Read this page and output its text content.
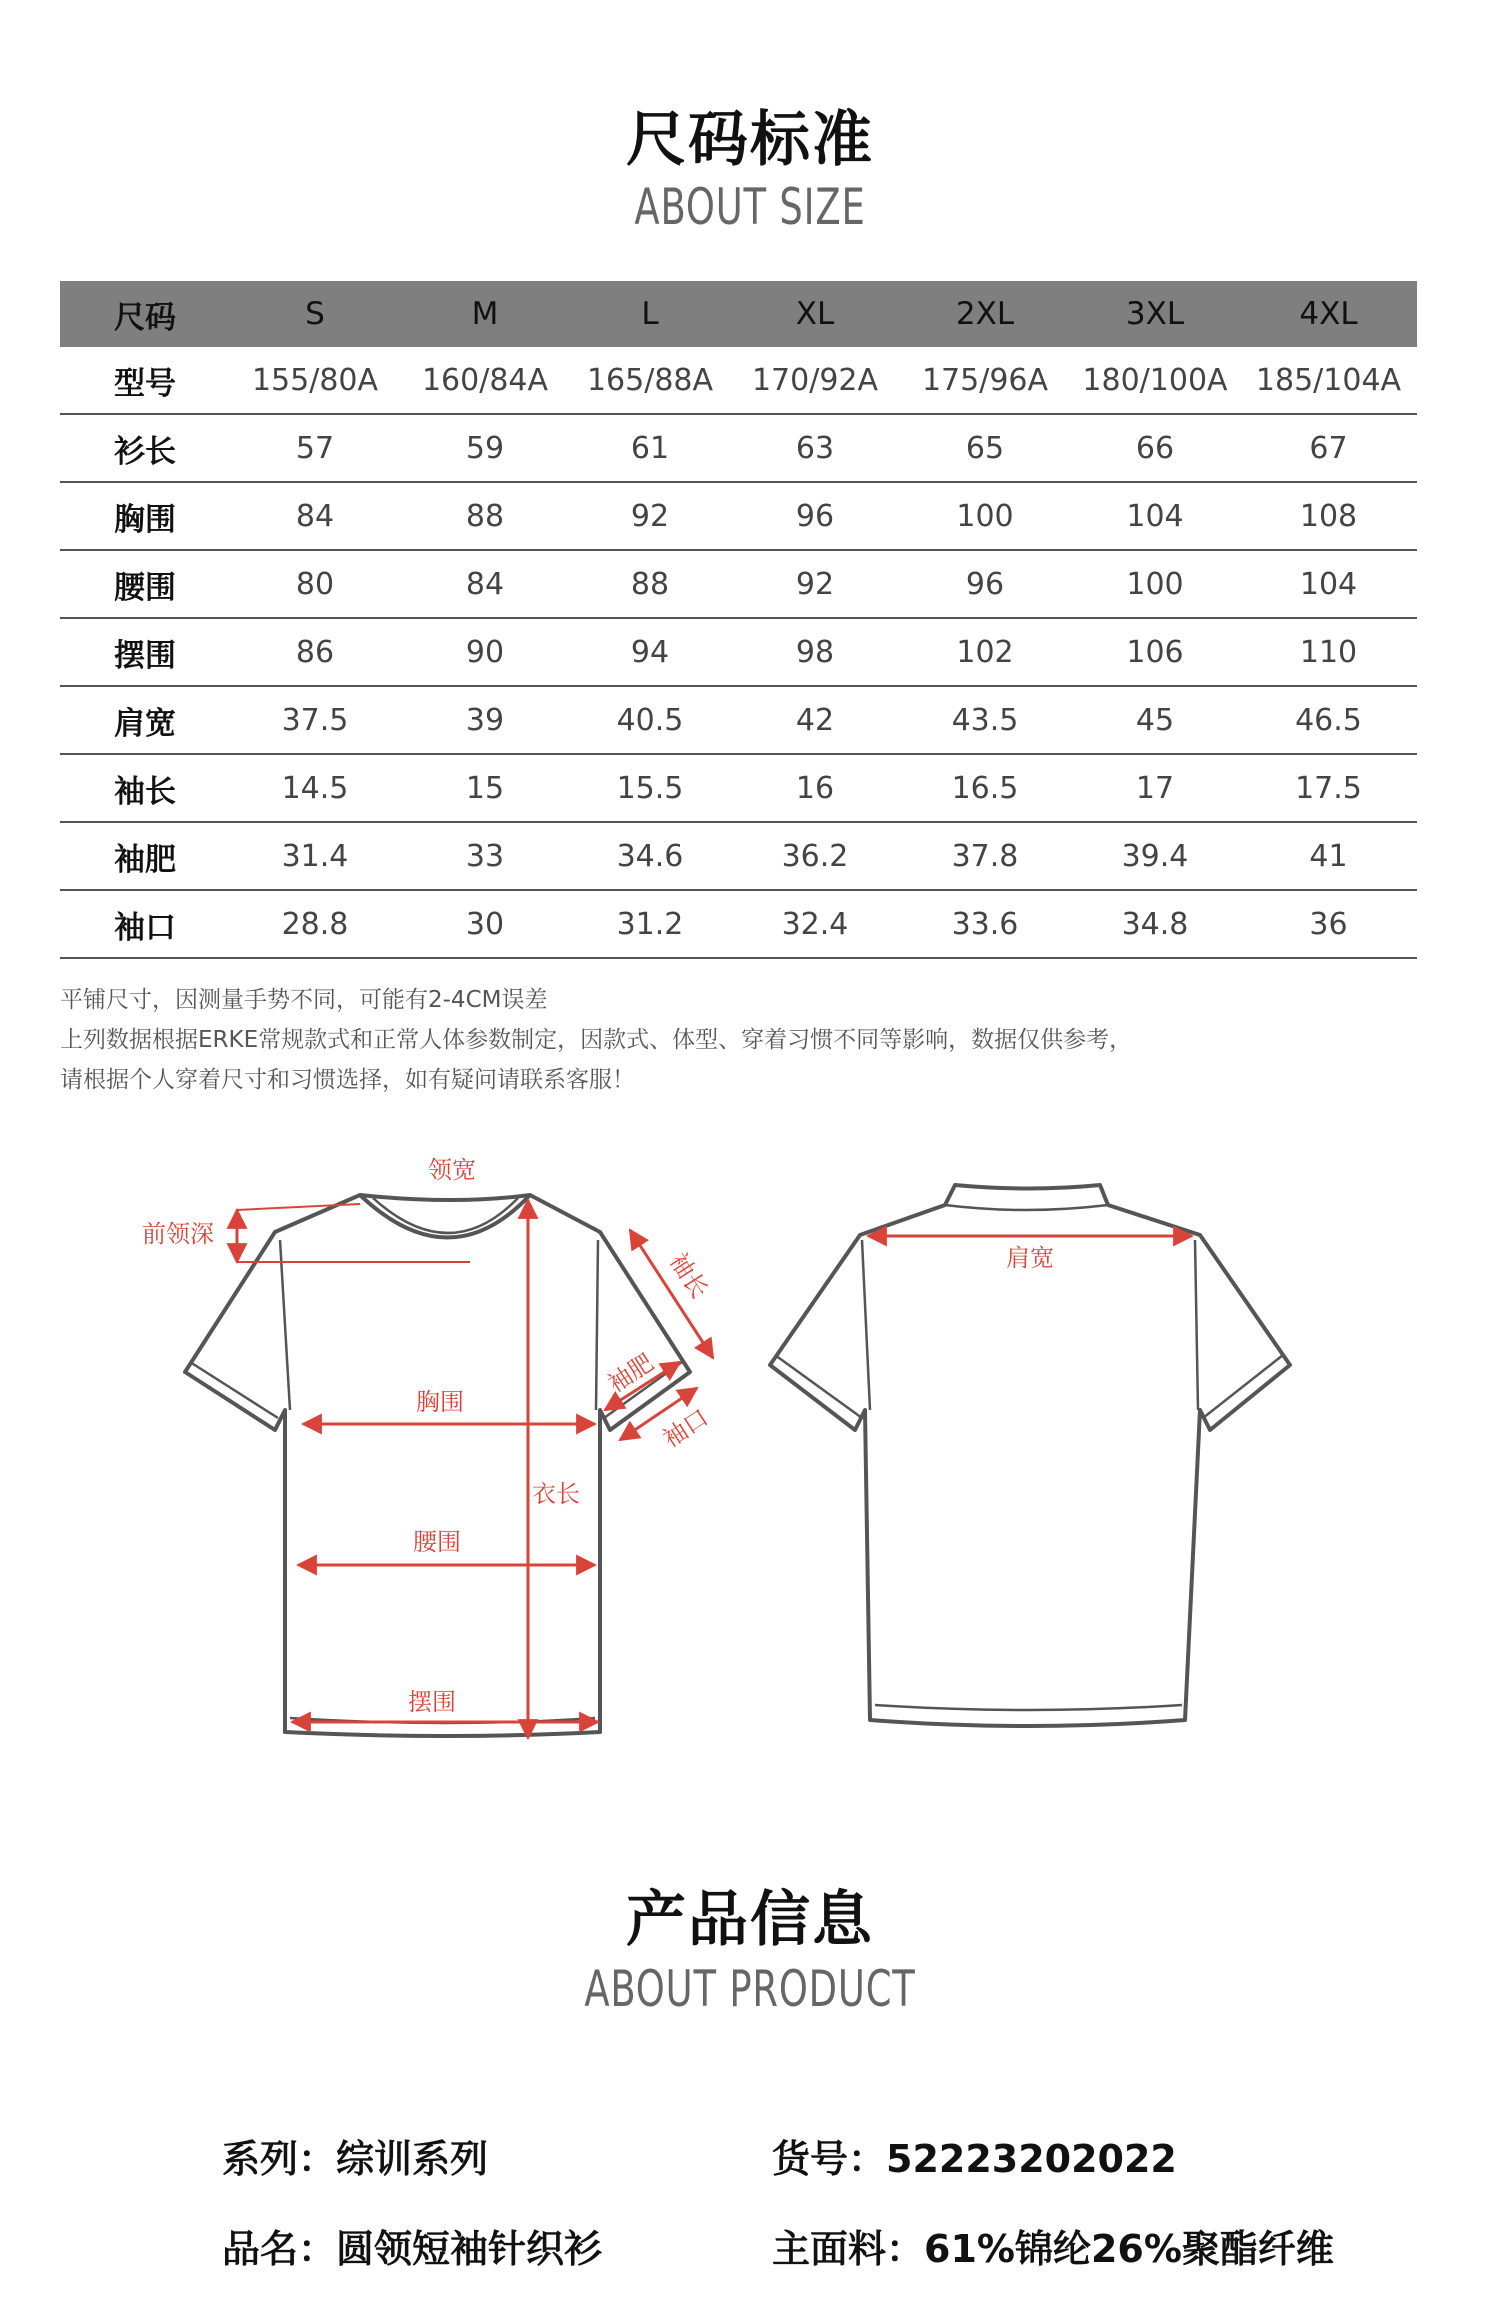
尺码标准
ABOUT SIZE
尺码	S	M	L	XL	2XL	3XL	4XL
型号	155/80A	160/84A	165/88A	170/92A	175/96A	180/100A	185/104A
衫长	57	59	61	63	65	66	67
胸围	84	88	92	96	100	104	108
腰围	80	84	88	92	96	100	104
摆围	86	90	94	98	102	106	110
肩宽	37.5	39	40.5	42	43.5	45	46.5
袖长	14.5	15	15.5	16	16.5	17	17.5
袖肥	31.4	33	34.6	36.2	37.8	39.4	41
袖口	28.8	30	31.2	32.4	33.6	34.8	36
平铺尺寸，因测量手势不同，可能有2-4CM误差
上列数据根据ERKE常规款式和正常人体参数制定，因款式、体型、穿着习惯不同等影响，数据仅供参考，
请根据个人穿着尺寸和习惯选择，如有疑问请联系客服！
领宽
前领深
胸围
衣长
腰围
摆围
袖长
袖肥
袖口
肩宽
产品信息
ABOUT PRODUCT
系列：综训系列	货号：52223202022
品名：圆领短袖针织衫	主面料：61%锦纶26%聚酯纤维
